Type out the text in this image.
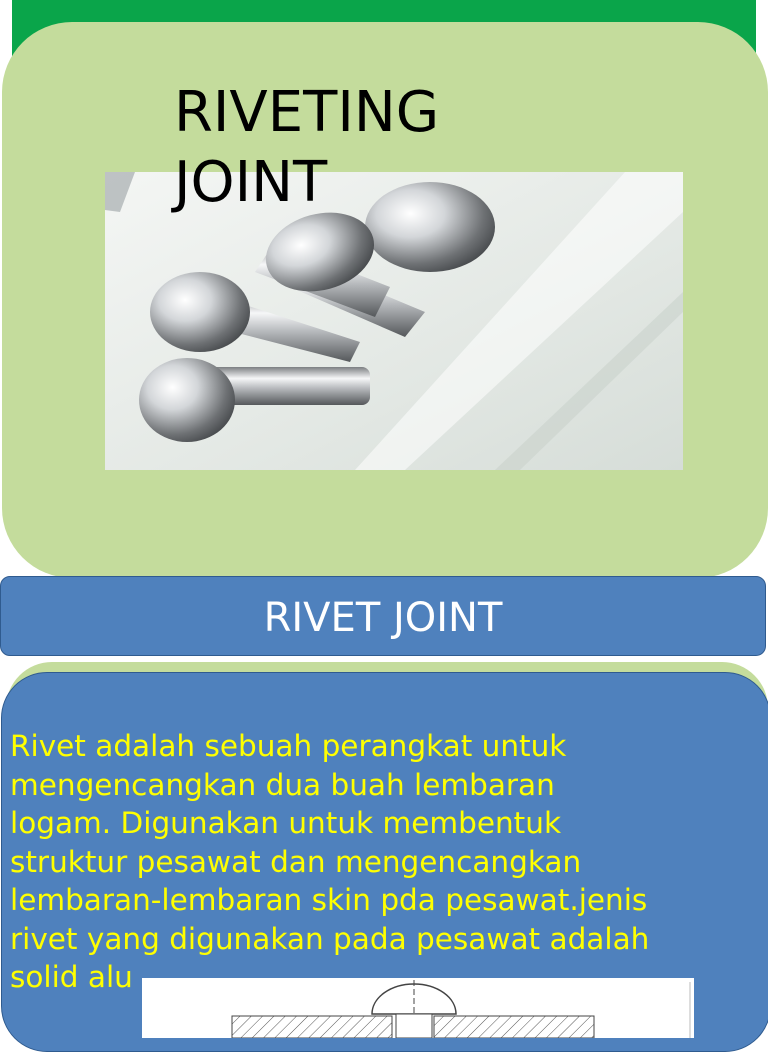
RIVETING
JOINT
RIVET JOINT

Rivet adalah sebuah perangkat untuk
mengencangkan dua buah lembaran
logam. Digunakan untuk membentuk
struktur pesawat dan mengencangkan
lembaran-lembaran skin pda pesawat.jenis
rivet yang digunakan pada pesawat adalah
solid alu
